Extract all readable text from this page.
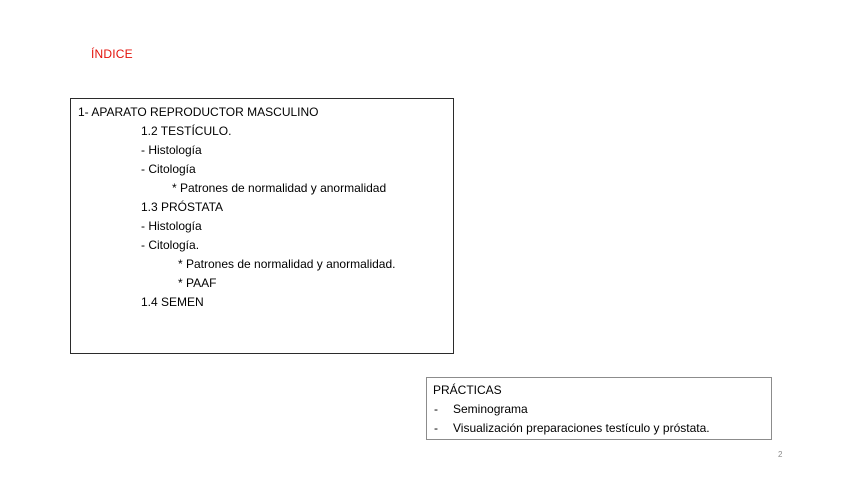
ÍNDICE
1- APARATO REPRODUCTOR MASCULINO
1.2 TESTÍCULO.
- Histología
- Citología
* Patrones de normalidad y anormalidad
1.3 PRÓSTATA
- Histología
- Citología.
* Patrones de normalidad y anormalidad.
* PAAF
1.4 SEMEN
PRÁCTICAS
- Seminograma
- Visualización preparaciones testículo y próstata.
2
